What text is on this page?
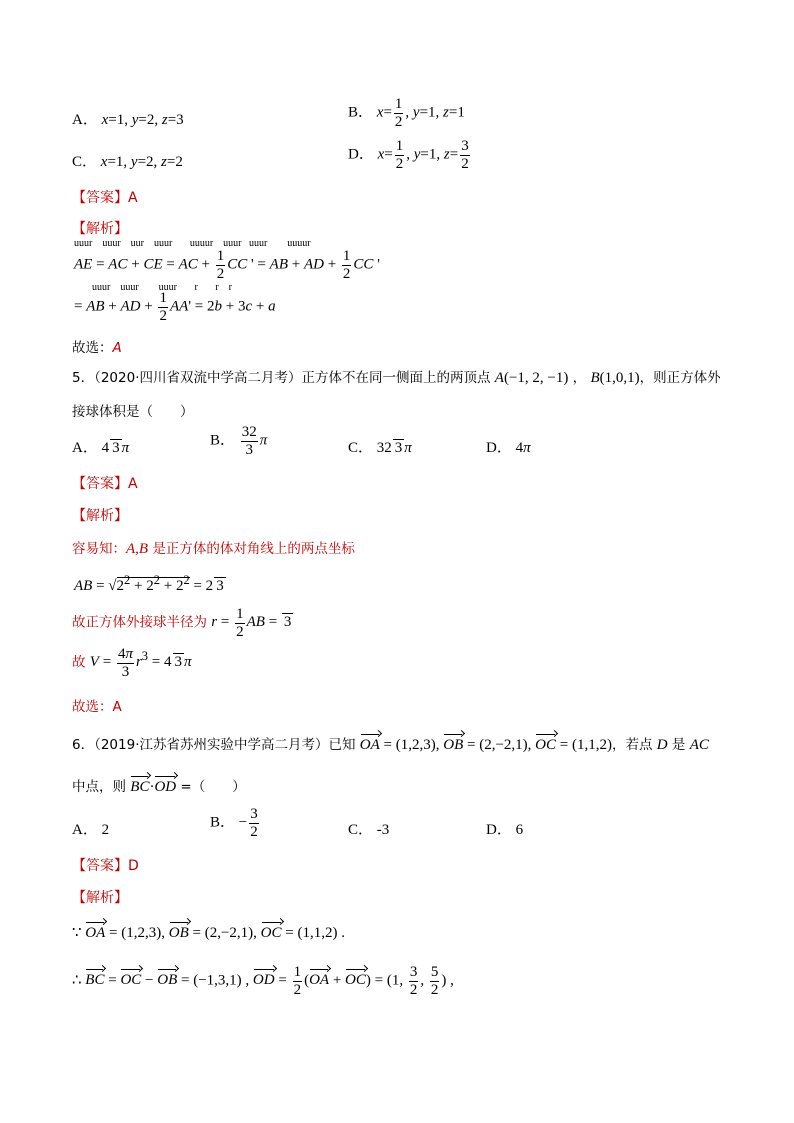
A． x=1, y=2, z=3	B． $x= \frac{1}{2}$ , y=1, z=1
C． x=1, y=2, z=2	D． $x= \frac{1}{2}$ , y=1, $z= \frac{3}{2}$
【答案】A
【解析】
uuur    uuur    uur    uuur       uuuur    uuur   uuur        uuuur
AE = AC + CE = AC + $\frac{1}{2}$ CC ' = AB + AD + $\frac{1}{2}$ CC '
uuur    uuur        uuur       r       r    r
= AB + AD + $\frac{1}{2} AA' = 2b + 3c + a$
故选：A
5．（2020·四川省双流中学高二月考）正方体不在同一侧面上的两顶点 A(−1, 2, −1) ， B(1,0,1)，则正方体外
接球体积是（　　）
A． 4 3 π	B． $\frac{32}{3}$ π	C． 32 3 π	D． 4π
【答案】A
【解析】
容易知：A,B 是正方体的体对角线上的两点坐标
AB = $√2^2 + 2^2 + 2^2 = 2$ 3
故正方体外接球半径为 $r = \frac{1}{2}$ AB = 3
故 $V = \frac{4\pi}{3} r^3 = 4$ 3 π
故选：A
6．（2019·江苏省苏州实验中学高二月考）已知 OA = (1,2,3), OB = (2,−2,1), OC = (1,1,2)，若点 D 是 AC
中点，则 BC·OD =（　　）
A． 2	B． − $\frac{3}{2}$	C． -3	D． 6
【答案】D
【解析】
∵ OA = (1,2,3), OB = (2,−2,1), OC = (1,1,2) .
∴ BC = OC − OB = (−1,3,1) , OD = $\frac{1}{2} (OA + OC) = (1$, $\frac{3}{2}$ , $\frac{5}{2}$ ) ,
